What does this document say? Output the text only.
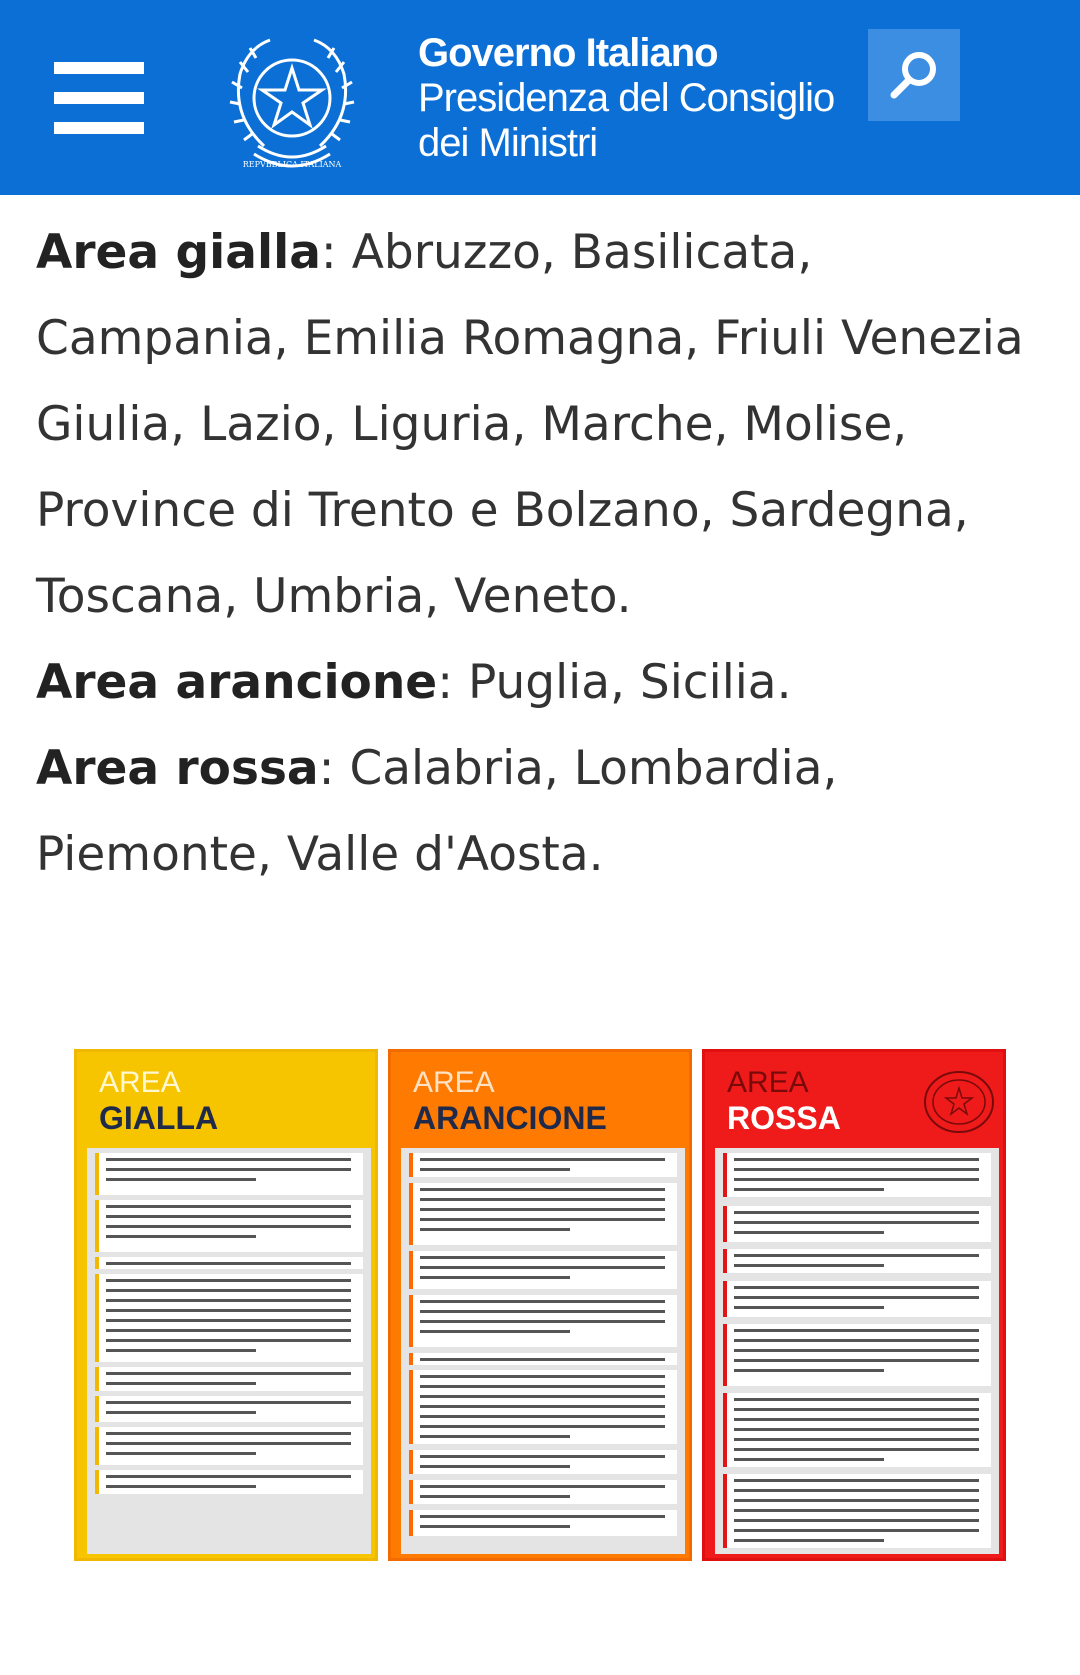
REPVBBLICA ITALIANA
Governo Italiano
Presidenza del Consiglio
dei Ministri

Area gialla: Abruzzo, Basilicata, Campania, Emilia Romagna, Friuli Venezia Giulia, Lazio, Liguria, Marche, Molise, Province di Trento e Bolzano, Sardegna, Toscana, Umbria, Veneto.

Area arancione: Puglia, Sicilia.

Area rossa: Calabria, Lombardia, Piemonte, Valle d'Aosta.

AREA
GIALLA
AREA
ARANCIONE
AREA
ROSSA
